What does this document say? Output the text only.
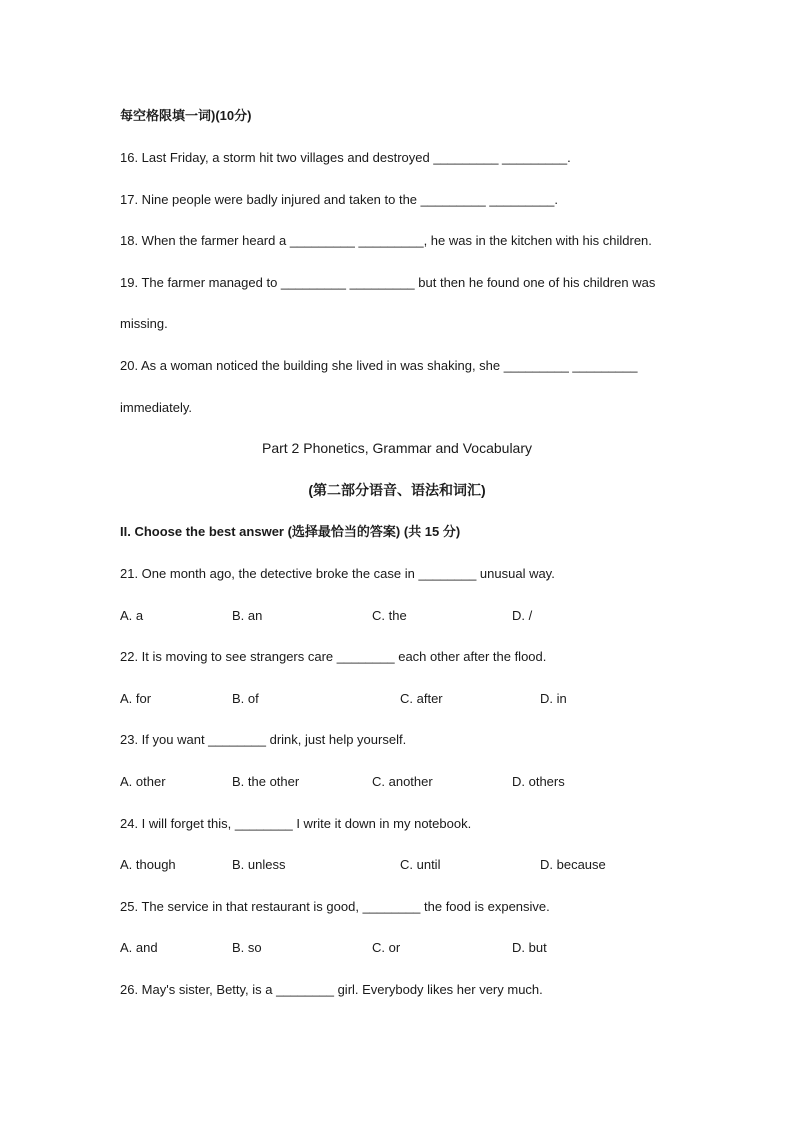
每空格限填一词)(10分)
16. Last Friday, a storm hit two villages and destroyed _________ _________.
17. Nine people were badly injured and taken to the _________ _________.
18. When the farmer heard a _________ _________, he was in the kitchen with his children.
19. The farmer managed to _________ _________ but then he found one of his children was
missing.
20. As a woman noticed the building she lived in was shaking, she _________ _________
immediately.
Part 2 Phonetics, Grammar and Vocabulary
(第二部分语音、语法和词汇)
II. Choose the best answer (选择最恰当的答案) (共 15 分)
21. One month ago, the detective broke the case in ________ unusual way.
A. a	B. an	C. the	D. /
22. It is moving to see strangers care ________ each other after the flood.
A. for	B. of	C. after	D. in
23. If you want ________ drink, just help yourself.
A. other	B. the other	C. another	D. others
24. I will forget this, ________ I write it down in my notebook.
A. though	B. unless	C. until	D. because
25. The service in that restaurant is good, ________ the food is expensive.
A. and	B. so	C. or	D. but
26. May's sister, Betty, is a ________ girl. Everybody likes her very much.
